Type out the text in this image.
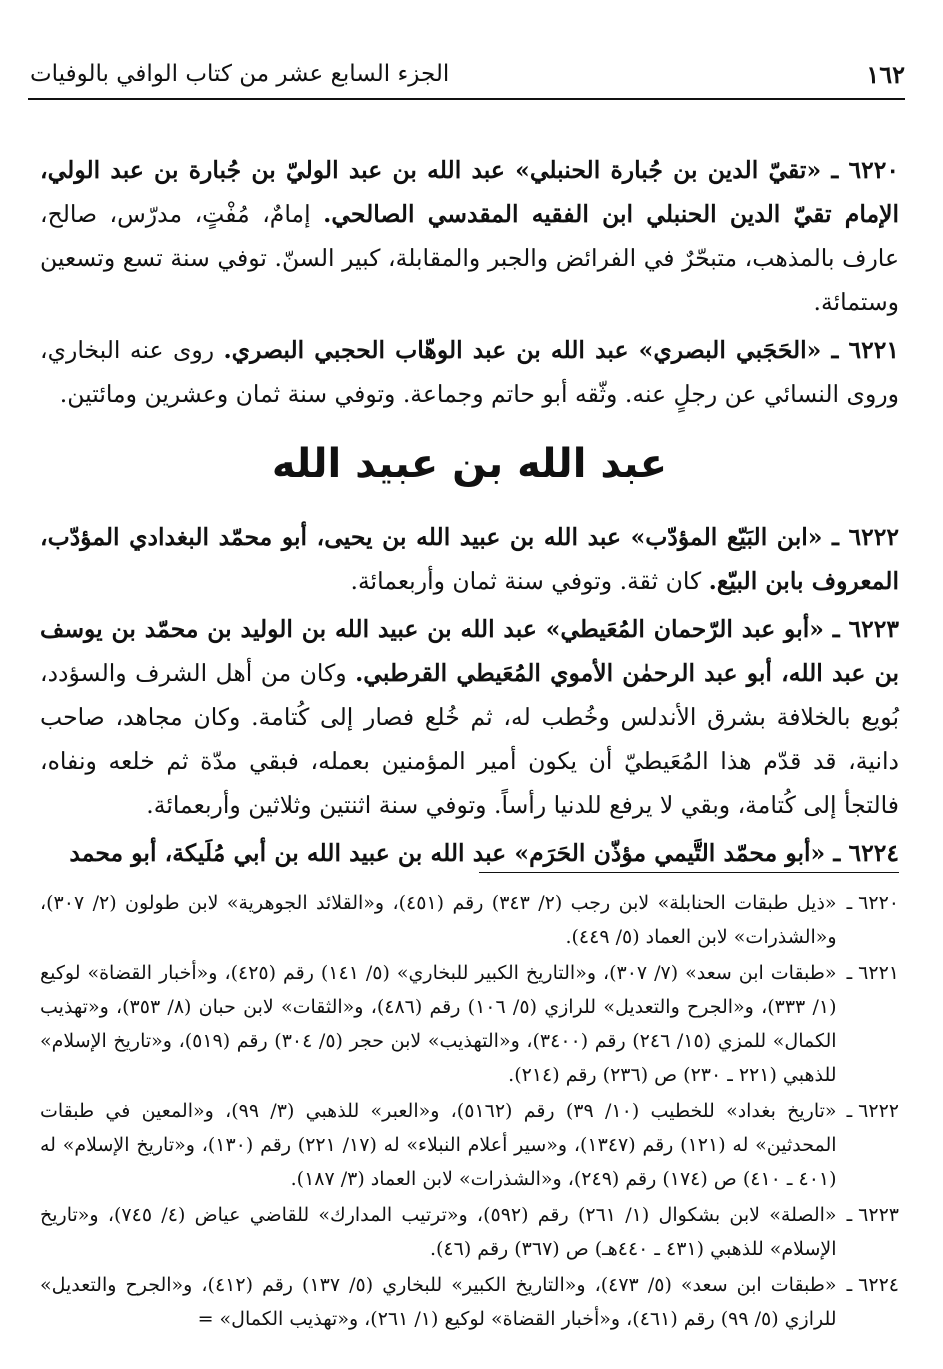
١٦٢
الجزء السابع عشر من كتاب الوافي بالوفيات

٦٢٢٠ ـ «تقيّ الدين بن جُبارة الحنبلي» عبد الله بن عبد الوليّ بن جُبارة بن عبد الولي، الإمام تقيّ الدين الحنبلي ابن الفقيه المقدسي الصالحي. إمامٌ، مُفْتٍ، مدرّس، صالح، عارف بالمذهب، متبحّرٌ في الفرائض والجبر والمقابلة، كبير السنّ. توفي سنة تسع وتسعين وستمائة.

٦٢٢١ ـ «الحَجَبي البصري» عبد الله بن عبد الوهّاب الحجبي البصري. روى عنه البخاري، وروى النسائي عن رجلٍ عنه. وثّقه أبو حاتم وجماعة. وتوفي سنة ثمان وعشرين ومائتين.

عبد الله بن عبيد الله

٦٢٢٢ ـ «ابن البَيّع المؤدّب» عبد الله بن عبيد الله بن يحيى، أبو محمّد البغدادي المؤدّب، المعروف بابن البيّع. كان ثقة. وتوفي سنة ثمان وأربعمائة.

٦٢٢٣ ـ «أبو عبد الرّحمان المُعَيطي» عبد الله بن عبيد الله بن الوليد بن محمّد بن يوسف بن عبد الله، أبو عبد الرحمٰن الأموي المُعَيطي القرطبي. وكان من أهل الشرف والسؤدد، بُويع بالخلافة بشرق الأندلس وخُطب له، ثم خُلع فصار إلى كُتامة. وكان مجاهد، صاحب دانية، قد قدّم هذا المُعَيطيّ أن يكون أمير المؤمنين بعمله، فبقي مدّة ثم خلعه ونفاه، فالتجأ إلى كُتامة، وبقي لا يرفع للدنيا رأساً. وتوفي سنة اثنتين وثلاثين وأربعمائة.

٦٢٢٤ ـ «أبو محمّد التَّيمي مؤذّن الحَرَم» عبد الله بن عبيد الله بن أبي مُلَيكة، أبو محمد

٦٢٢٠ ـ
«ذيل طبقات الحنابلة» لابن رجب (٢/ ٣٤٣) رقم (٤٥١)، و«القلائد الجوهرية» لابن طولون (٢/ ٣٠٧)، و«الشذرات» لابن العماد (٥/ ٤٤٩).
٦٢٢١ ـ
«طبقات ابن سعد» (٧/ ٣٠٧)، و«التاريخ الكبير للبخاري» (٥/ ١٤١) رقم (٤٢٥)، و«أخبار القضاة» لوكيع (١/ ٣٣٣)، و«الجرح والتعديل» للرازي (٥/ ١٠٦) رقم (٤٨٦)، و«الثقات» لابن حبان (٨/ ٣٥٣)، و«تهذيب الكمال» للمزي (١٥/ ٢٤٦) رقم (٣٤٠٠)، و«التهذيب» لابن حجر (٥/ ٣٠٤) رقم (٥١٩)، و«تاريخ الإسلام» للذهبي (٢٢١ ـ ٢٣٠) ص (٢٣٦) رقم (٢١٤).
٦٢٢٢ ـ
«تاريخ بغداد» للخطيب (١٠/ ٣٩) رقم (٥١٦٢)، و«العبر» للذهبي (٣/ ٩٩)، و«المعين في طبقات المحدثين» له (١٢١) رقم (١٣٤٧)، و«سير أعلام النبلاء» له (١٧/ ٢٢١) رقم (١٣٠)، و«تاريخ الإسلام» له (٤٠١ ـ ٤١٠) ص (١٧٤) رقم (٢٤٩)، و«الشذرات» لابن العماد (٣/ ١٨٧).
٦٢٢٣ ـ
«الصلة» لابن بشكوال (١/ ٢٦١) رقم (٥٩٢)، و«ترتيب المدارك» للقاضي عياض (٤/ ٧٤٥)، و«تاريخ الإسلام» للذهبي (٤٣١ ـ ٤٤٠هـ) ص (٣٦٧) رقم (٤٦).
٦٢٢٤ ـ
«طبقات ابن سعد» (٥/ ٤٧٣)، و«التاريخ الكبير» للبخاري (٥/ ١٣٧) رقم (٤١٢)، و«الجرح والتعديل» للرازي (٥/ ٩٩) رقم (٤٦١)، و«أخبار القضاة» لوكيع (١/ ٢٦١)، و«تهذيب الكمال» =
